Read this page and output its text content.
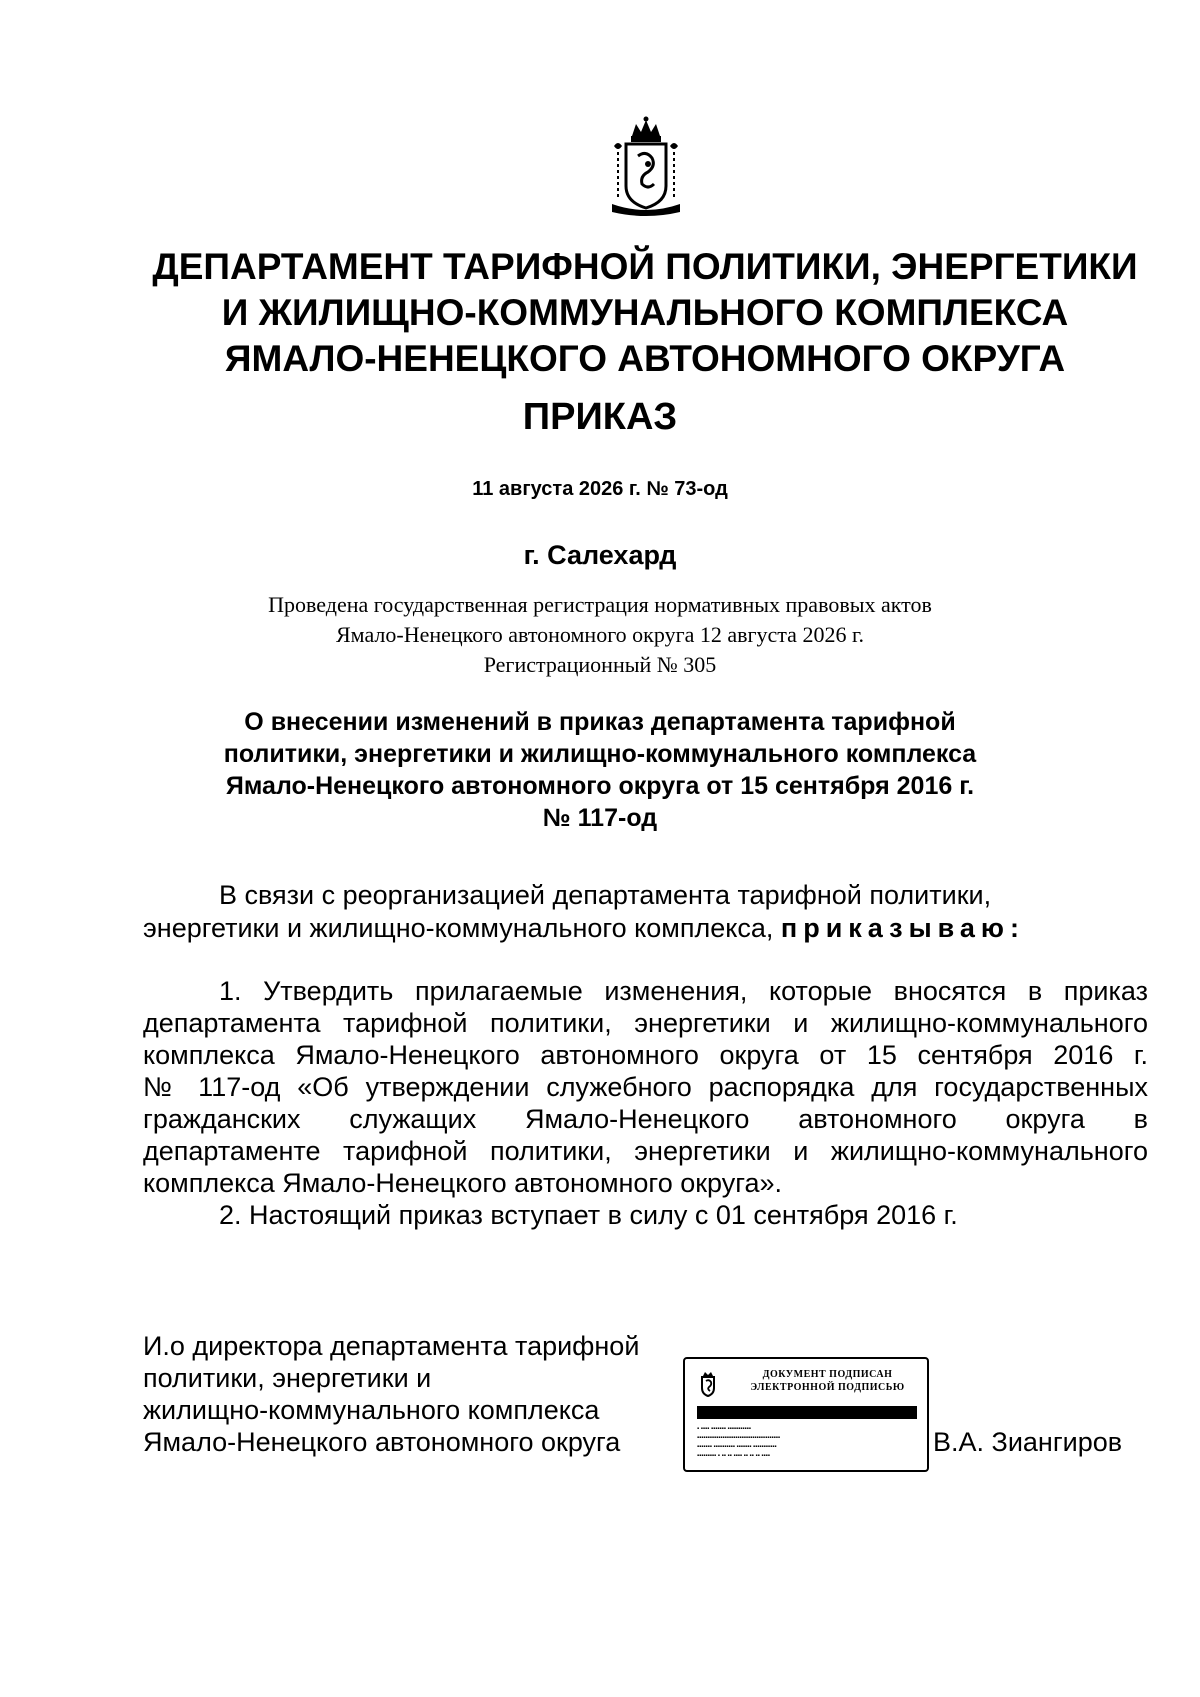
ДЕПАРТАМЕНТ ТАРИФНОЙ ПОЛИТИКИ, ЭНЕРГЕТИКИ
И ЖИЛИЩНО-КОММУНАЛЬНОГО КОМПЛЕКСА
ЯМАЛО-НЕНЕЦКОГО АВТОНОМНОГО ОКРУГА
ПРИКАЗ
11 августа 2026 г. № 73-од
г. Салехард
Проведена государственная регистрация нормативных правовых актов
Ямало-Ненецкого автономного округа 12 августа 2026 г.
Регистрационный № 305
О внесении изменений в приказ департамента тарифной
политики, энергетики и жилищно-коммунального комплекса
Ямало-Ненецкого автономного округа от 15 сентября 2016 г.
№ 117-од
В связи с реорганизацией департамента тарифной политики,
энергетики и жилищно-коммунального комплекса, приказываю:
1. Утвердить прилагаемые изменения, которые вносятся в приказ
департамента тарифной политики, энергетики и жилищно-коммунального
комплекса Ямало-Ненецкого автономного округа от 15 сентября 2016 г.
№ 117-од «Об утверждении служебного распорядка для государственных
гражданских служащих Ямало-Ненецкого автономного округа в
департаменте тарифной политики, энергетики и жилищно-коммунального
комплекса Ямало-Ненецкого автономного округа».
2. Настоящий приказ вступает в силу с 01 сентября 2016 г.
И.о директора департамента тарифной
политики, энергетики и
жилищно-коммунального комплекса
Ямало-Ненецкого автономного округа
ДОКУМЕНТ ПОДПИСАН
ЭЛЕКТРОННОЙ ПОДПИСЬЮ
▪ ▪▪▪▪ ▪▪▪▪▪▪▪ ▪▪▪▪▪▪▪▪▪▪▪
▪▪▪▪▪▪▪▪▪▪▪▪▪▪▪▪▪▪▪▪▪▪▪▪▪▪▪▪▪▪▪▪▪▪▪▪▪▪▪
▪▪▪▪▪▪▪ ▪▪▪▪▪▪▪▪▪▪ ▪▪▪▪▪▪▪ ▪▪▪▪▪▪▪▪▪▪▪
▪▪▪▪▪▪▪▪▪ ▪ ▪▪ ▪▪ ▪▪▪▪ ▪▪ ▪▪ ▪▪ ▪▪▪▪	В.А. Зиангиров
